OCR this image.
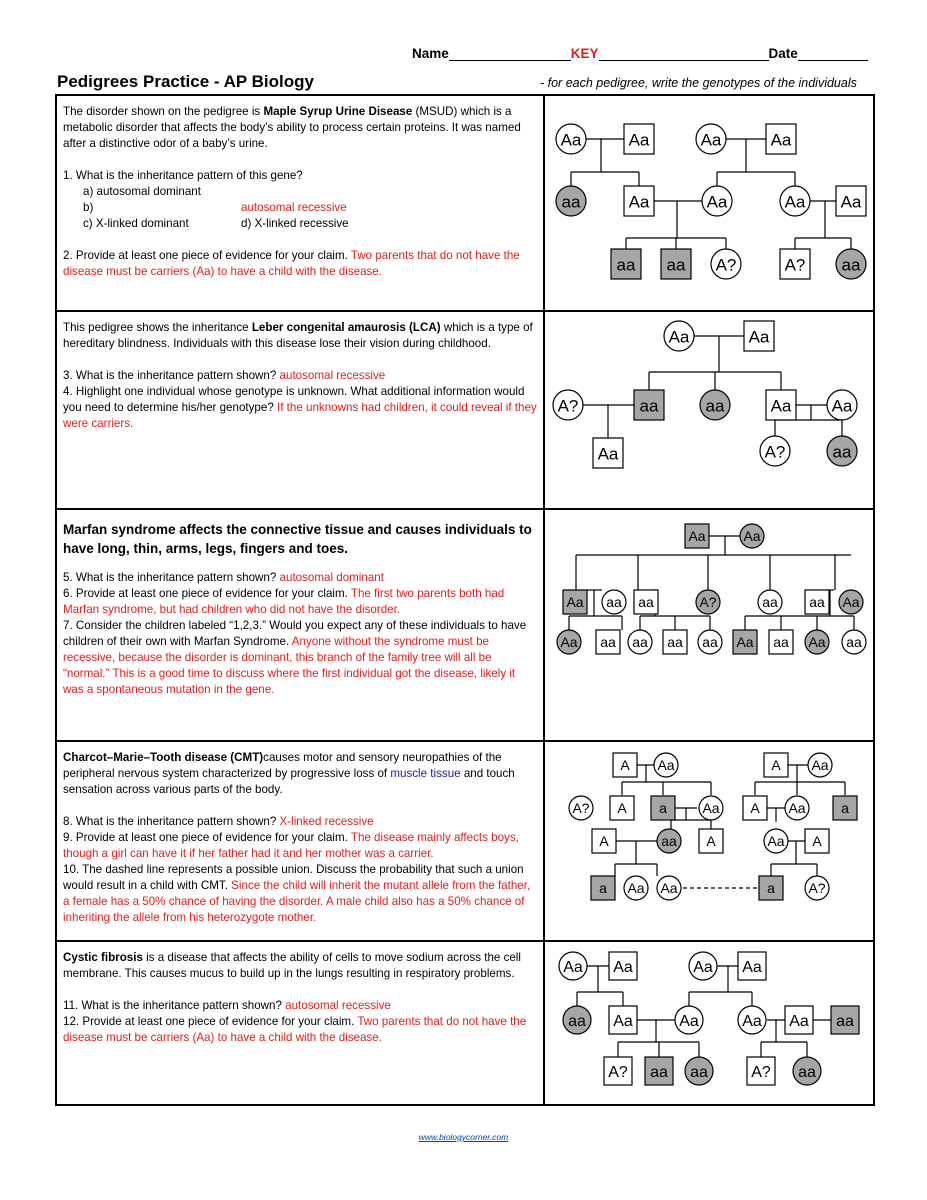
Name	KEY	Date
Pedigrees Practice - AP Biology	- for each pedigree, write the genotypes of the individuals

The disorder shown on the pedigree is Maple Syrup Urine Disease (MSUD) which is a metabolic disorder that affects the body’s ability to process certain proteins. It was named after a distinctive odor of a baby’s urine.

1. What is the inheritance pattern of this gene?

a) autosomal dominantb)	autosomal recessive

c) X-linked dominant	d) X-linked recessive

2. Provide at least one piece of evidence for your claim. Two parents that do not have the disease must be carriers (Aa) to have a child with the disease.

Aa	Aa	Aa	Aa
aa	Aa	Aa	Aa Aa
aa aa A?	A? aa

This pedigree shows the inheritance Leber congenital amaurosis (LCA) which is a type of hereditary blindness. Individuals with this disease lose their vision during childhood.

3. What is the inheritance pattern shown? autosomal recessive

4. Highlight one individual whose genotype is unknown. What additional information would you need to determine his/her genotype? If the unknowns had children, it could reveal if they were carriers.

Aa	Aa
A?	aa	aa	Aa Aa
Aa	A?	aa

Marfan syndrome affects the connective tissue and causes individuals to have long, thin, arms, legs, fingers and toes.

5. What is the inheritance pattern shown? autosomal dominant

6. Provide at least one piece of evidence for your claim. The first two parents both had Marfan syndrome, but had children who did not have the disorder.

7. Consider the children labeled “1,2,3.” Would you expect any of these individuals to have children of their own with Marfan Syndrome. Anyone without the syndrome must be recessive, because the disorder is dominant, this branch of the family tree will all be “normal.” This is a good time to discuss where the first individual got the disease, likely it was a spontaneous mutation in the gene.

Aa	Aa
Aa aa aa	A?	aa aa Aa
Aa aa aa aa aa Aa aa Aa aa

Charcot–Marie–Tooth disease (CMT)causes motor and sensory neuropathies of the peripheral nervous system characterized by progressive loss of muscle tissue and touch sensation across various parts of the body.

8. What is the inheritance pattern shown? X-linked recessive

9. Provide at least one piece of evidence for your claim. The disease mainly affects boys, though a girl can have it if her father had it and her mother was a carrier.

10. The dashed line represents a possible union. Discuss the probability that such a union would result in a child with CMT. Since the child will inherit the mutant allele from the father, a female has a 50% chance of having the disorder. A male child also has a 50% chance of inheriting the allele from his heterozygote mother.

A Aa	A Aa
A? A a	Aa A Aa	a
A	aa A	Aa A
a Aa Aa	a A?

Cystic fibrosis is a disease that affects the ability of cells to move sodium across the cell membrane. This causes mucus to build up in the lungs resulting in respiratory problems.

11. What is the inheritance pattern shown? autosomal recessive

12. Provide at least one piece of evidence for your claim. Two parents that do not have the disease must be carriers (Aa) to have a child with the disease.

Aa Aa	Aa Aa
aa Aa	Aa	Aa Aa aa
A? aa aa	A? aa
www.biologycorner.com
